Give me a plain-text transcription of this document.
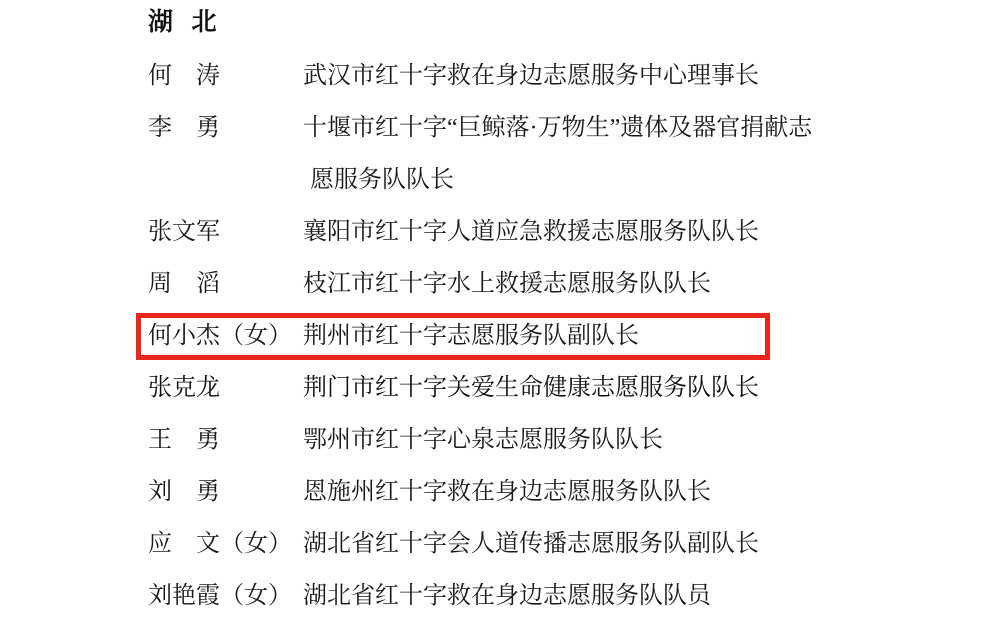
湖 北
何　涛	武汉市红十字救在身边志愿服务中心理事长
李　勇	十堰市红十字“巨鲸落·万物生”遗体及器官捐献志
愿服务队队长
张文军	襄阳市红十字人道应急救援志愿服务队队长
周　滔	枝江市红十字水上救援志愿服务队队长
何小杰（女） 荆州市红十字志愿服务队副队长
张克龙	荆门市红十字关爱生命健康志愿服务队队长
王　勇	鄂州市红十字心泉志愿服务队队长
刘　勇	恩施州红十字救在身边志愿服务队队长
应　文（女） 湖北省红十字会人道传播志愿服务队副队长
刘艳霞（女） 湖北省红十字救在身边志愿服务队队员
